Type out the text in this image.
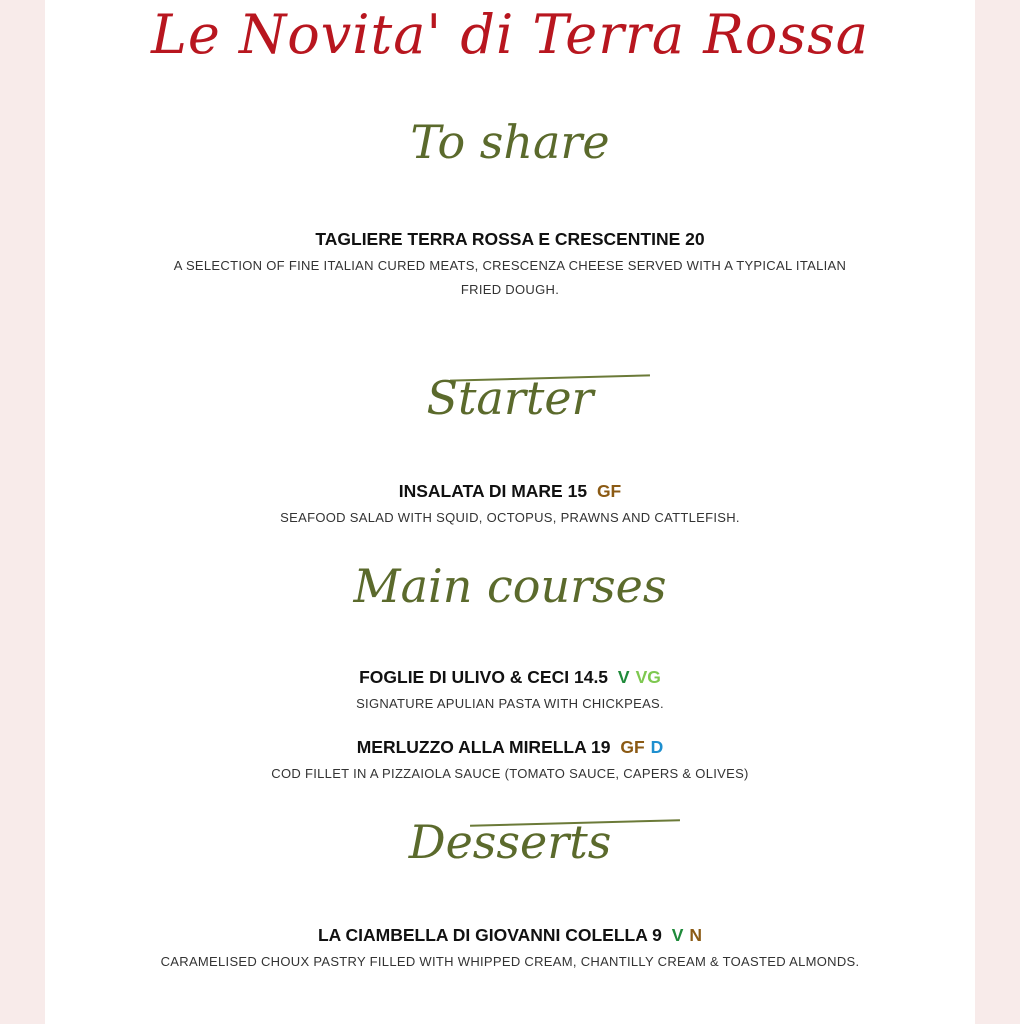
Le Novita' di Terra Rossa
To share
TAGLIERE TERRA ROSSA E CRESCENTINE 20
A SELECTION OF FINE ITALIAN CURED MEATS, CRESCENZA CHEESE SERVED WITH A TYPICAL ITALIAN FRIED DOUGH.
Starter
INSALATA DI MARE 15 GF
SEAFOOD SALAD WITH SQUID, OCTOPUS, PRAWNS AND CATTLEFISH.
Main courses
FOGLIE DI ULIVO & CECI 14.5 V VG
SIGNATURE APULIAN PASTA WITH CHICKPEAS.
MERLUZZO ALLA MIRELLA 19 GF D
COD FILLET IN A PIZZAIOLA SAUCE (TOMATO SAUCE, CAPERS & OLIVES)
Desserts
LA CIAMBELLA DI GIOVANNI COLELLA 9 V N
CARAMELISED CHOUX PASTRY FILLED WITH WHIPPED CREAM, CHANTILLY CREAM & TOASTED ALMONDS.
